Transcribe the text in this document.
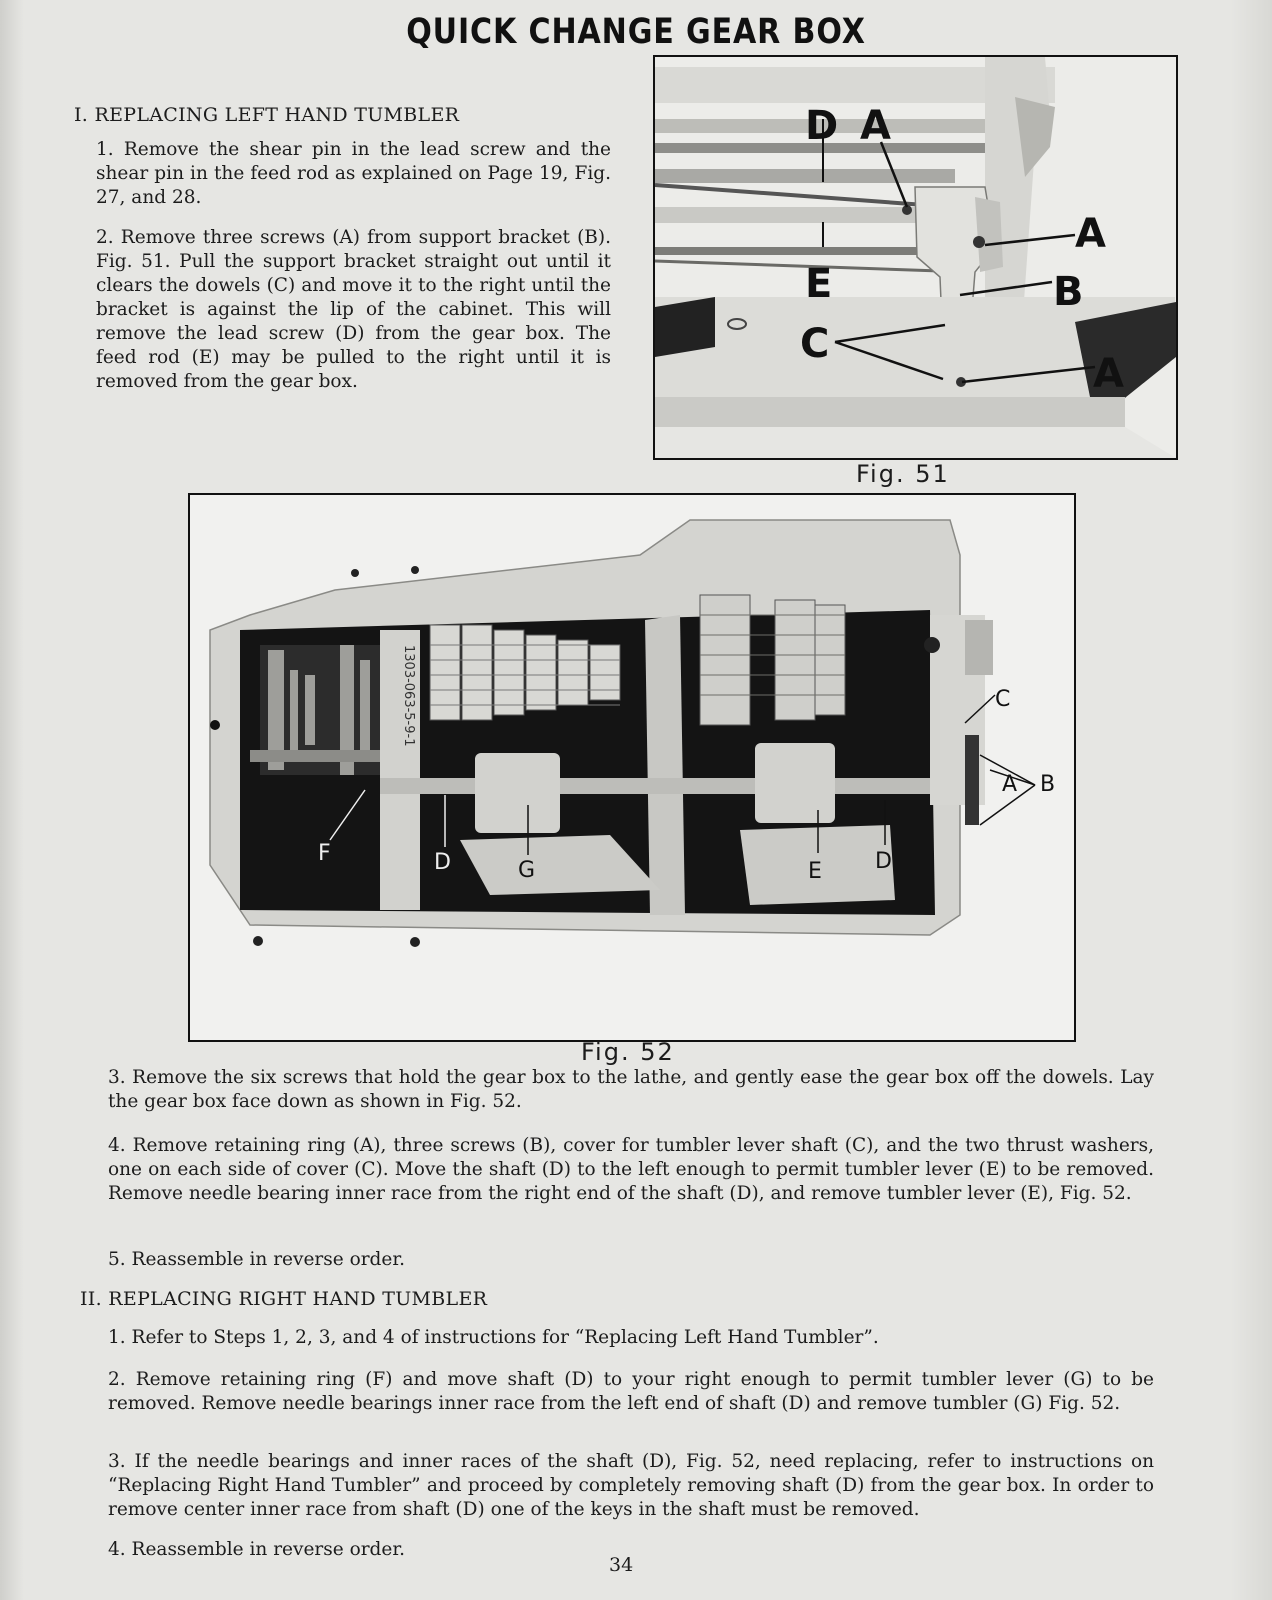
QUICK CHANGE GEAR BOX
I. REPLACING LEFT HAND TUMBLER
1. Remove the shear pin in the lead screw and the shear pin in the feed rod as explained on Page 19, Fig. 27, and 28.
2. Remove three screws (A) from support bracket (B). Fig. 51. Pull the support bracket straight out until it clears the dowels (C) and move it to the right until the bracket is against the lip of the cabinet. This will remove the lead screw (D) from the gear box. The feed rod (E) may be pulled to the right until it is removed from the gear box.
D A
A
B
E
C
A
Fig. 51
1303-063-5-9-1	C
A B
F	D	G	E D
Fig. 52
3. Remove the six screws that hold the gear box to the lathe, and gently ease the gear box off the dowels. Lay the gear box face down as shown in Fig. 52.
4. Remove retaining ring (A), three screws (B), cover for tumbler lever shaft (C), and the two thrust washers, one on each side of cover (C). Move the shaft (D) to the left enough to permit tumbler lever (E) to be removed. Remove needle bearing inner race from the right end of the shaft (D), and remove tumbler lever (E), Fig. 52.
5. Reassemble in reverse order.
II. REPLACING RIGHT HAND TUMBLER
1. Refer to Steps 1, 2, 3, and 4 of instructions for “Replacing Left Hand Tumbler”.
2. Remove retaining ring (F) and move shaft (D) to your right enough to permit tumbler lever (G) to be removed. Remove needle bearings inner race from the left end of shaft (D) and remove tumbler (G) Fig. 52.
3. If the needle bearings and inner races of the shaft (D), Fig. 52, need replacing, refer to instructions on “Replacing Right Hand Tumbler” and proceed by completely removing shaft (D) from the gear box. In order to remove center inner race from shaft (D) one of the keys in the shaft must be removed.
4. Reassemble in reverse order.
34
